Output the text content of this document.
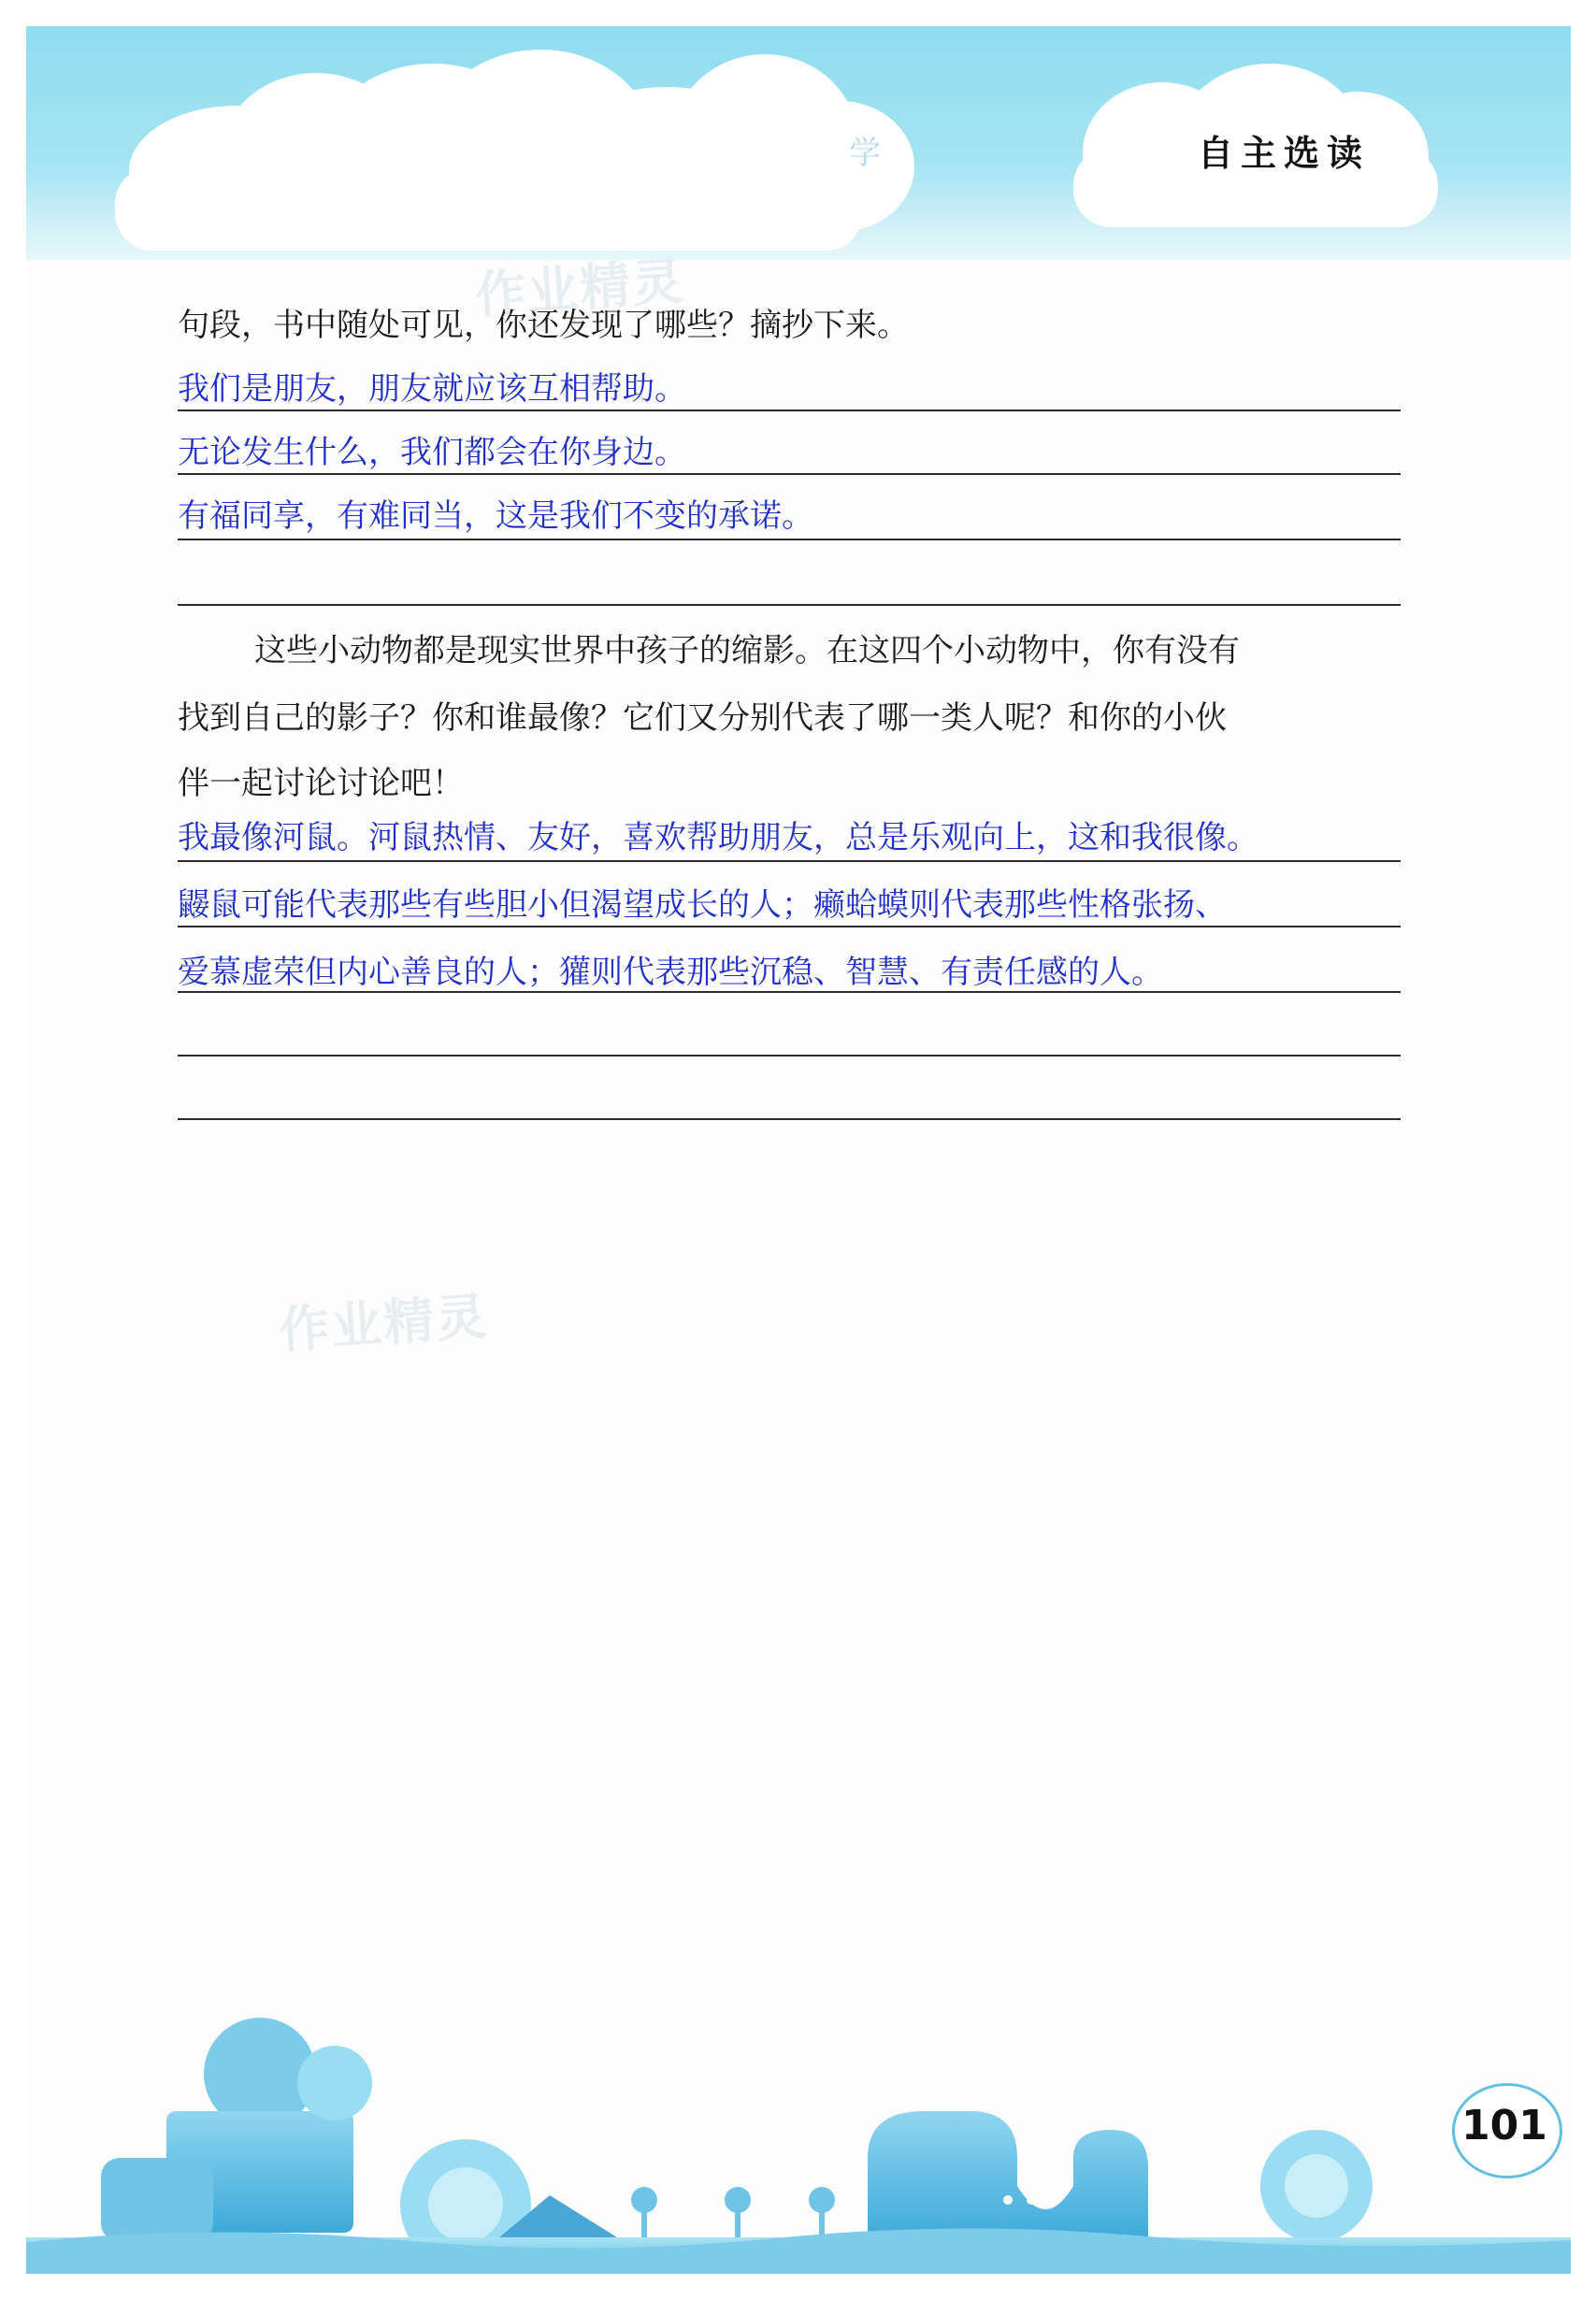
学	自主选读
句段，书中随处可见，你还发现了哪些？摘抄下来。
我们是朋友，朋友就应该互相帮助。
无论发生什么，我们都会在你身边。
有福同享，有难同当，这是我们不变的承诺。
这些小动物都是现实世界中孩子的缩影。在这四个小动物中，你有没有
找到自己的影子？你和谁最像？它们又分别代表了哪一类人呢？和你的小伙
伴一起讨论讨论吧！
我最像河鼠。河鼠热情、友好，喜欢帮助朋友，总是乐观向上，这和我很像。
鼹鼠可能代表那些有些胆小但渴望成长的人；癞蛤蟆则代表那些性格张扬、
爱慕虚荣但内心善良的人；獾则代表那些沉稳、智慧、有责任感的人。
作业精灵
作业精灵
101
